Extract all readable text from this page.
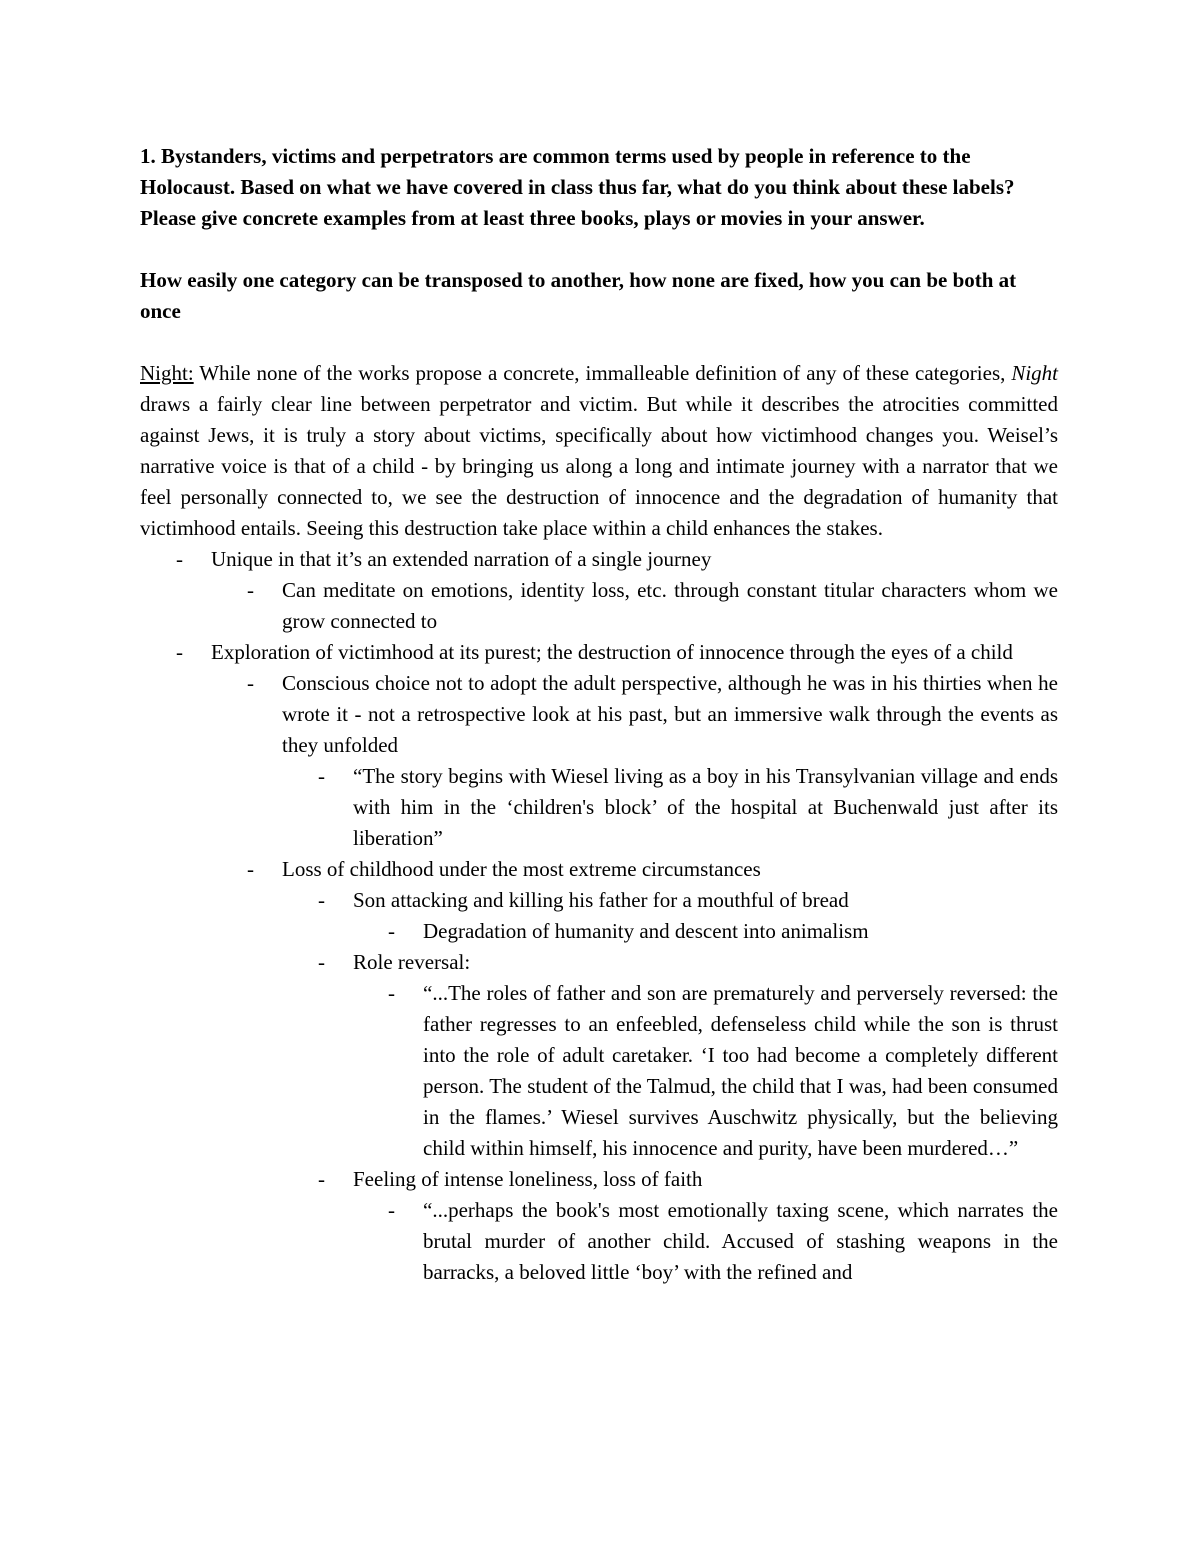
1. Bystanders, victims and perpetrators are common terms used by people in reference to the Holocaust. Based on what we have covered in class thus far, what do you think about these labels? Please give concrete examples from at least three books, plays or movies in your answer.

How easily one category can be transposed to another, how none are fixed, how you can be both at once

Night: While none of the works propose a concrete, immalleable definition of any of these categories, Night draws a fairly clear line between perpetrator and victim. But while it describes the atrocities committed against Jews, it is truly a story about victims, specifically about how victimhood changes you. Weisel’s narrative voice is that of a child - by bringing us along a long and intimate journey with a narrator that we feel personally connected to, we see the destruction of innocence and the degradation of humanity that victimhood entails. Seeing this destruction take place within a child enhances the stakes.

- Unique in that it’s an extended narration of a single journey
- Can meditate on emotions, identity loss, etc. through constant titular characters whom we grow connected to
- Exploration of victimhood at its purest; the destruction of innocence through the eyes of a child
- Conscious choice not to adopt the adult perspective, although he was in his thirties when he wrote it - not a retrospective look at his past, but an immersive walk through the events as they unfolded
- “The story begins with Wiesel living as a boy in his Transylvanian village and ends with him in the ‘children's block’ of the hospital at Buchenwald just after its liberation”
- Loss of childhood under the most extreme circumstances
- Son attacking and killing his father for a mouthful of bread
- Degradation of humanity and descent into animalism
- Role reversal:
- “...The roles of father and son are prematurely and perversely reversed: the father regresses to an enfeebled, defenseless child while the son is thrust into the role of adult caretaker. ‘I too had become a completely different person. The student of the Talmud, the child that I was, had been consumed in the flames.’ Wiesel survives Auschwitz physically, but the believing child within himself, his innocence and purity, have been murdered…”
- Feeling of intense loneliness, loss of faith
- “...perhaps the book's most emotionally taxing scene, which narrates the brutal murder of another child. Accused of stashing weapons in the barracks, a beloved little ‘boy’ with the refined and
